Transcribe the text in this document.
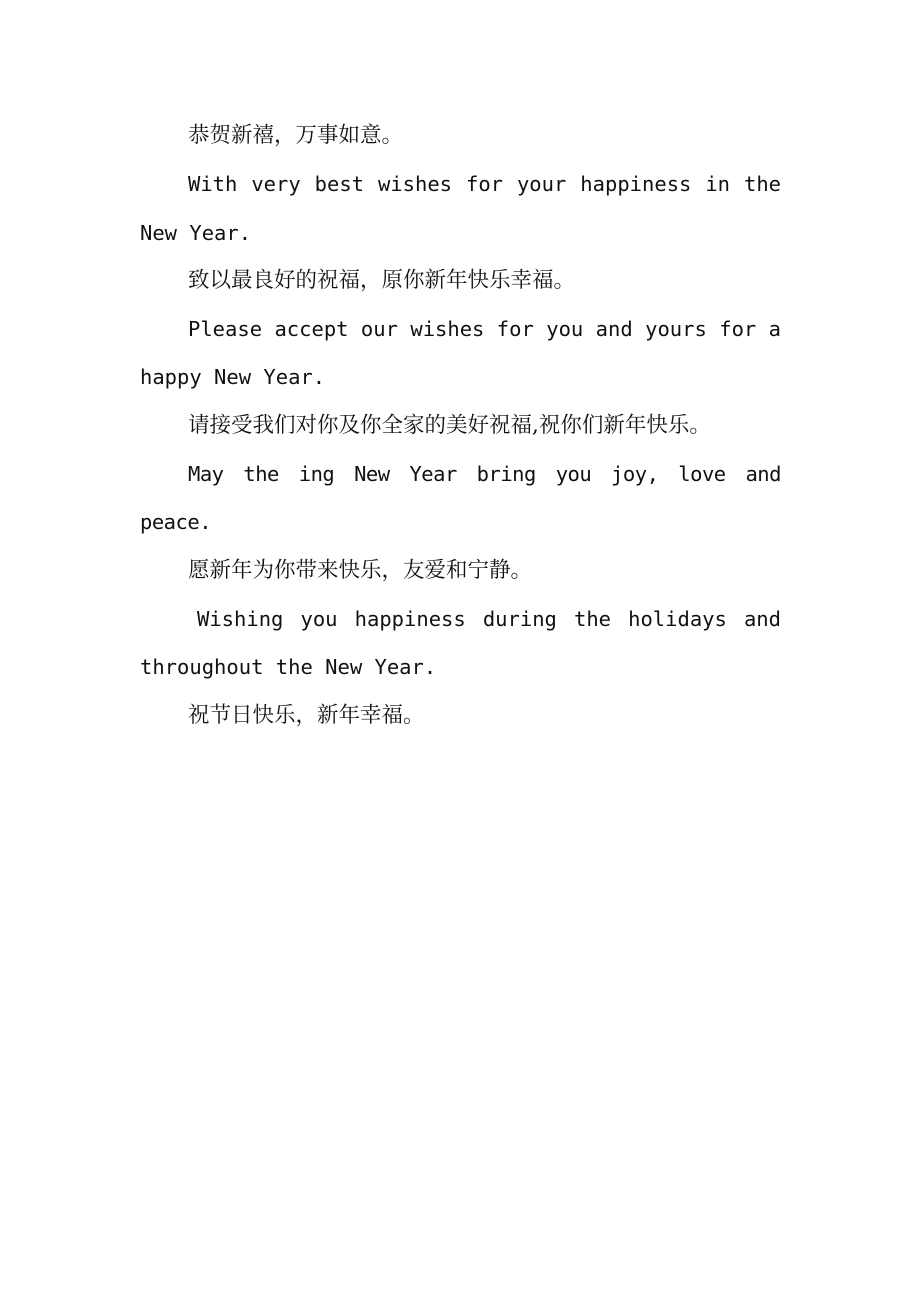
恭贺新禧，万事如意。

With very best wishes for your happiness in the New Year.

致以最良好的祝福，原你新年快乐幸福。

Please accept our wishes for you and yours for a happy New Year.

请接受我们对你及你全家的美好祝福,祝你们新年快乐。

May the ing New Year bring you joy, love and peace.

愿新年为你带来快乐，友爱和宁静。

Wishing you happiness during the holidays and throughout the New Year.

祝节日快乐，新年幸福。
